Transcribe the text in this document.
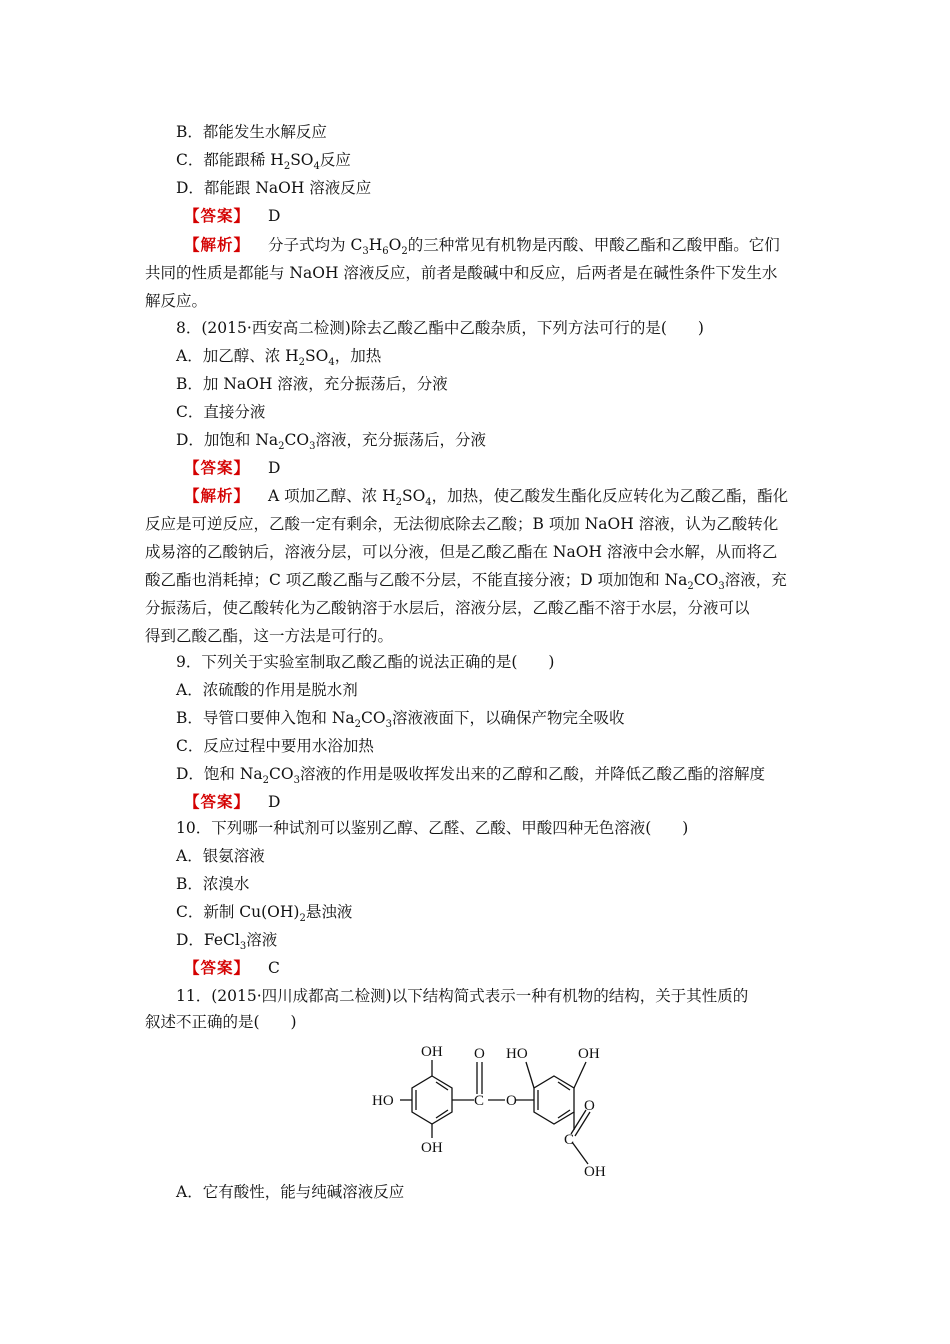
B．都能发生水解反应
C．都能跟稀 $H_2SO_4$反应
D．都能跟 NaOH 溶液反应
【答案】 D
【解析】 分子式均为 $C_3H_6O_2$的三种常见有机物是丙酸、甲酸乙酯和乙酸甲酯。它们
共同的性质是都能与 NaOH 溶液反应，前者是酸碱中和反应，后两者是在碱性条件下发生水
解反应。
8．(2015·西安高二检测)除去乙酸乙酯中乙酸杂质，下列方法可行的是(　　)
A．加乙醇、浓 $H_2SO_4$，加热
B．加 NaOH 溶液，充分振荡后，分液
C．直接分液
D．加饱和 $Na_2CO_3$溶液，充分振荡后，分液
【答案】 D
【解析】 A 项加乙醇、浓 $H_2SO_4$，加热，使乙酸发生酯化反应转化为乙酸乙酯，酯化
反应是可逆反应，乙酸一定有剩余，无法彻底除去乙酸；B 项加 NaOH 溶液，认为乙酸转化
成易溶的乙酸钠后，溶液分层，可以分液，但是乙酸乙酯在 NaOH 溶液中会水解，从而将乙
酸乙酯也消耗掉；C 项乙酸乙酯与乙酸不分层，不能直接分液；D 项加饱和 $Na_2CO_3$溶液，充
分振荡后，使乙酸转化为乙酸钠溶于水层后，溶液分层，乙酸乙酯不溶于水层，分液可以
得到乙酸乙酯，这一方法是可行的。
9．下列关于实验室制取乙酸乙酯的说法正确的是(　　)
A．浓硫酸的作用是脱水剂
B．导管口要伸入饱和 $Na_2CO_3$溶液液面下，以确保产物完全吸收
C．反应过程中要用水浴加热
D．饱和 $Na_2CO_3$溶液的作用是吸收挥发出来的乙醇和乙酸，并降低乙酸乙酯的溶解度
【答案】 D
10．下列哪一种试剂可以鉴别乙醇、乙醛、乙酸、甲酸四种无色溶液(　　)
A．银氨溶液
B．浓溴水
C．新制 $Cu(OH)_2$悬浊液
D．FeCl$_3$溶液
【答案】 C
11．(2015·四川成都高二检测)以下结构简式表示一种有机物的结构，关于其性质的
叙述不正确的是(　　)
OH
HO
OH
O
C O
HO	OH
O
C
OH
A．它有酸性，能与纯碱溶液反应
